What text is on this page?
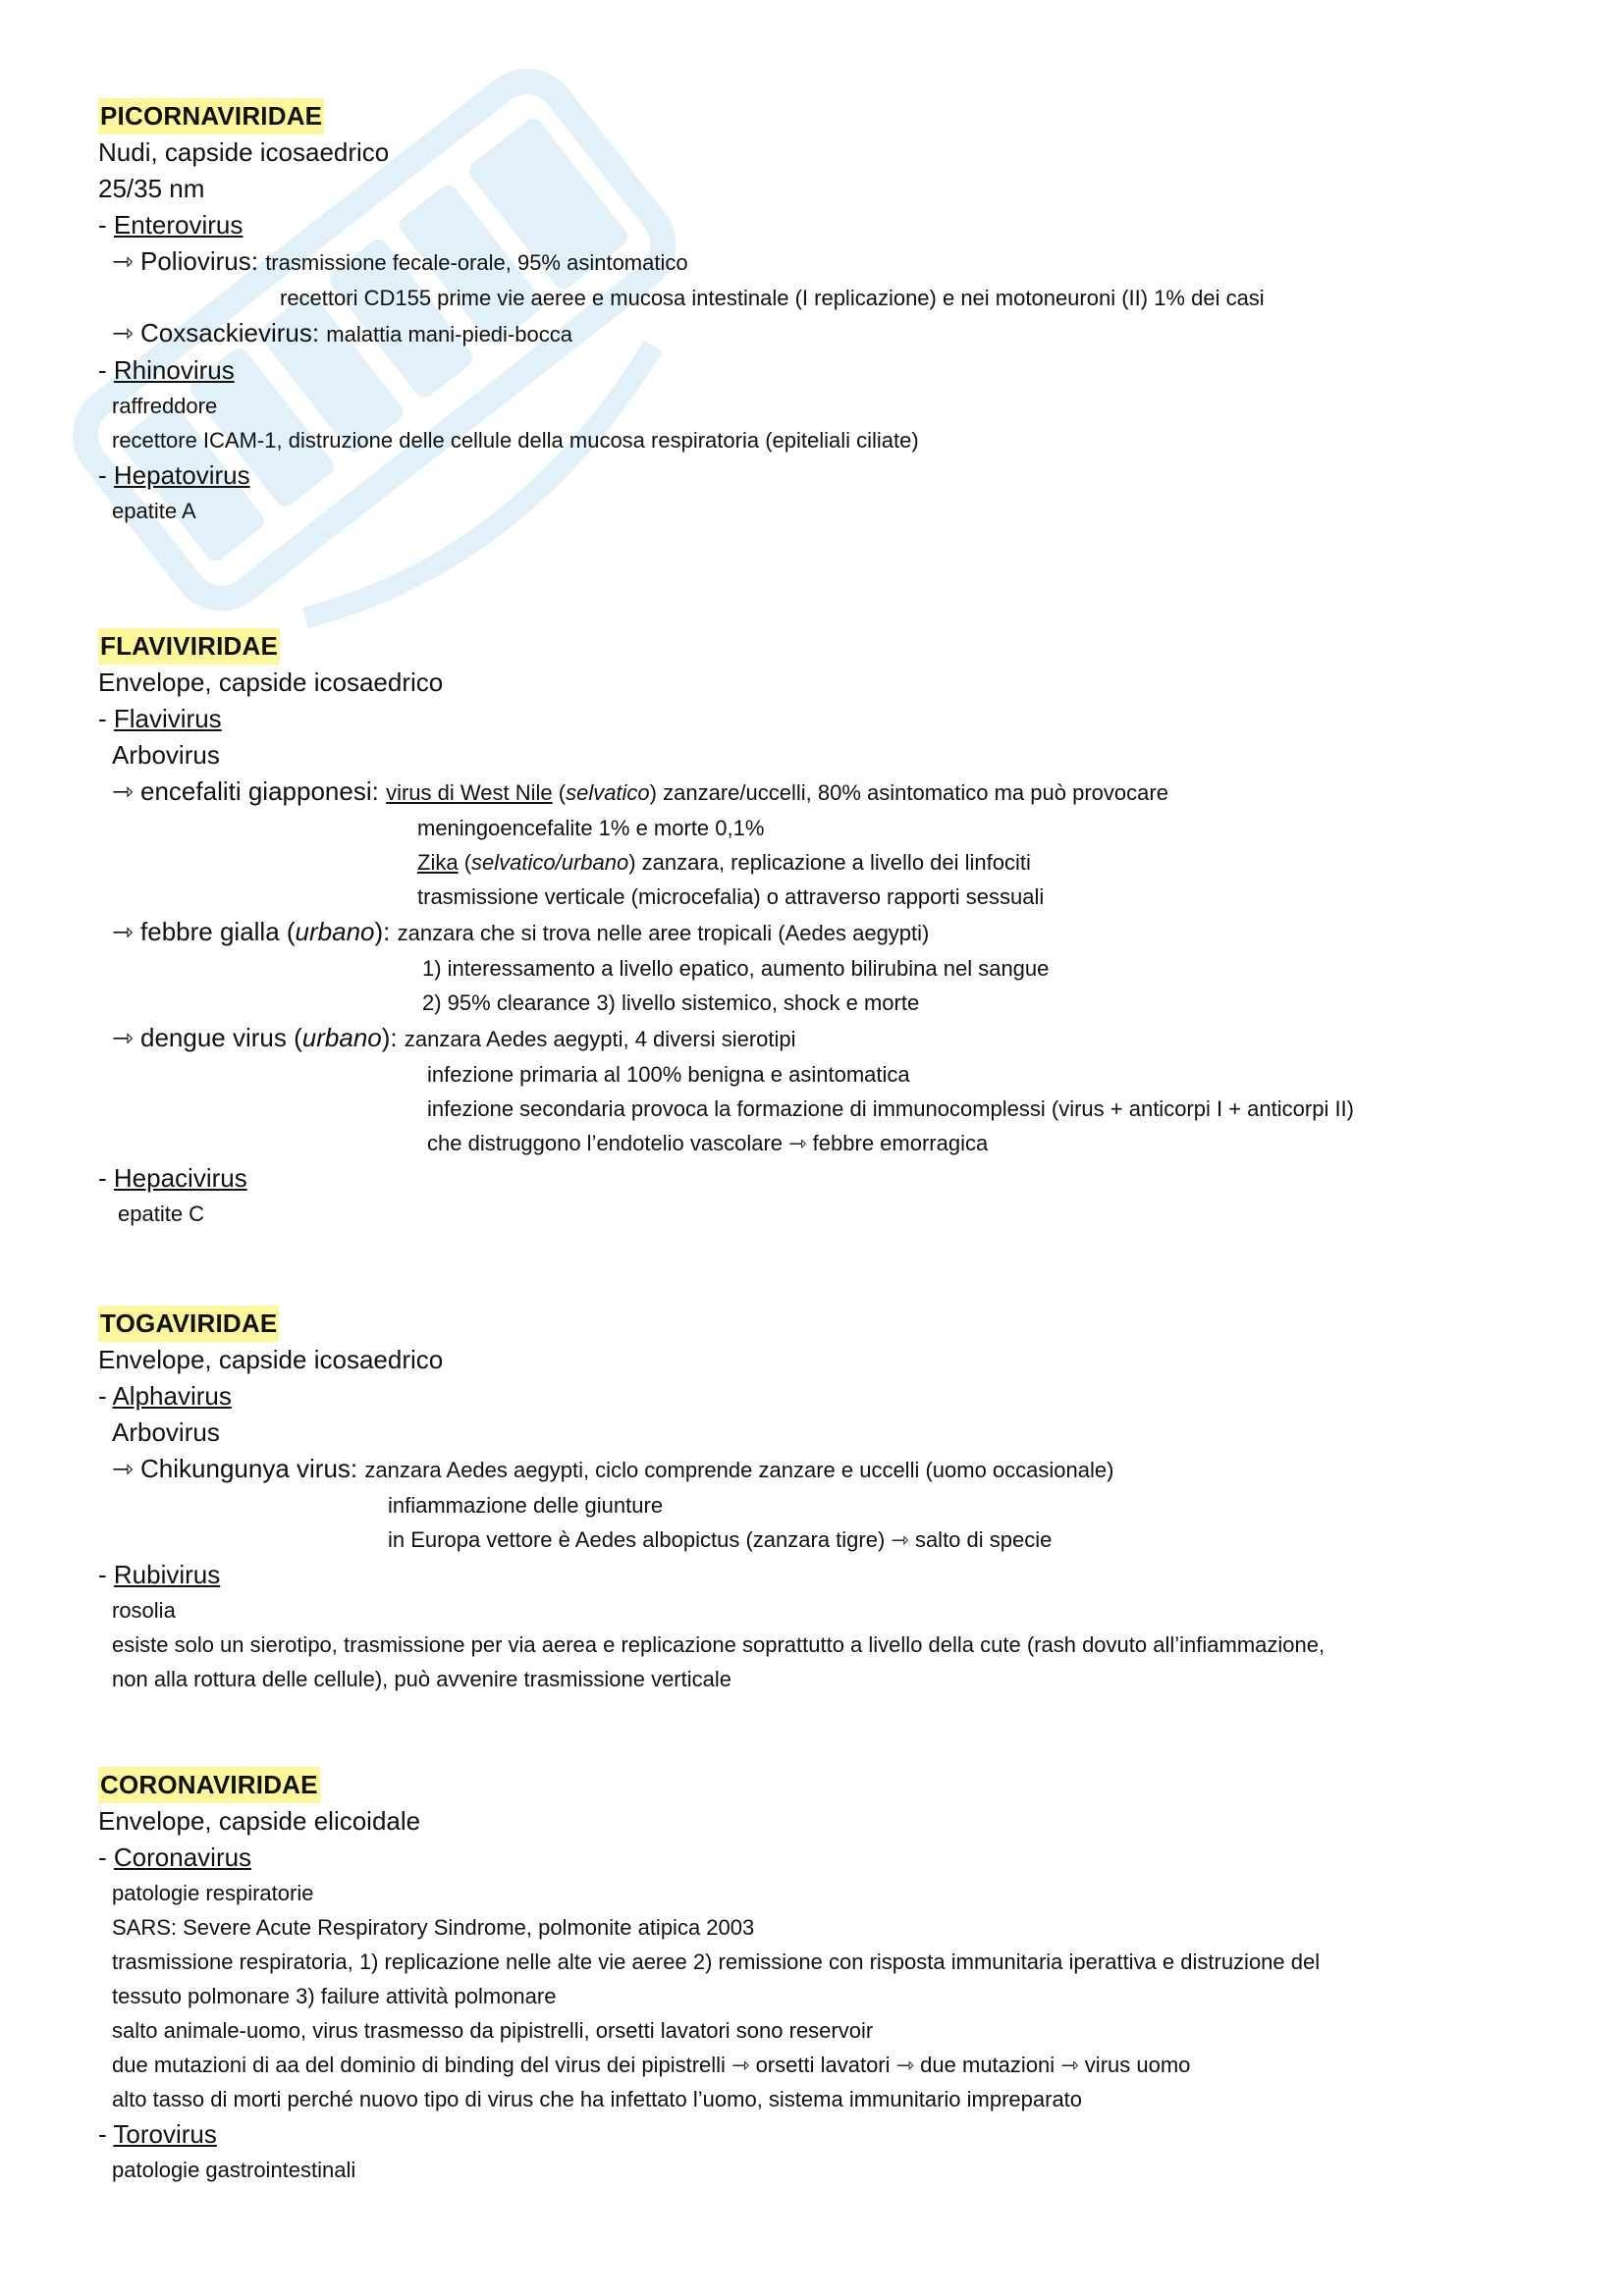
PICORNAVIRIDAE
Nudi, capside icosaedrico
25/35 nm
- Enterovirus
⇾ Poliovirus: trasmissione fecale-orale, 95% asintomatico
recettori CD155 prime vie aeree e mucosa intestinale (I replicazione) e nei motoneuroni (II) 1% dei casi
⇾ Coxsackievirus: malattia mani-piedi-bocca
- Rhinovirus
raffreddore
recettore ICAM-1, distruzione delle cellule della mucosa respiratoria (epiteliali ciliate)
- Hepatovirus
epatite A
FLAVIVIRIDAE
Envelope, capside icosaedrico
- Flavivirus
Arbovirus
⇾ encefaliti giapponesi: virus di West Nile (selvatico) zanzare/uccelli, 80% asintomatico ma può provocare
meningoencefalite 1% e morte 0,1%
Zika (selvatico/urbano) zanzara, replicazione a livello dei linfociti
trasmissione verticale (microcefalia) o attraverso rapporti sessuali
⇾ febbre gialla (urbano): zanzara che si trova nelle aree tropicali (Aedes aegypti)
1) interessamento a livello epatico, aumento bilirubina nel sangue
2) 95% clearance 3) livello sistemico, shock e morte
⇾ dengue virus (urbano): zanzara Aedes aegypti, 4 diversi sierotipi
infezione primaria al 100% benigna e asintomatica
infezione secondaria provoca la formazione di immunocomplessi (virus + anticorpi I + anticorpi II)
che distruggono l’endotelio vascolare ⇾ febbre emorragica
- Hepacivirus
epatite C
TOGAVIRIDAE
Envelope, capside icosaedrico
- Alphavirus
Arbovirus
⇾ Chikungunya virus: zanzara Aedes aegypti, ciclo comprende zanzare e uccelli (uomo occasionale)
infiammazione delle giunture
in Europa vettore è Aedes albopictus (zanzara tigre) ⇾ salto di specie
- Rubivirus
rosolia
esiste solo un sierotipo, trasmissione per via aerea e replicazione soprattutto a livello della cute (rash dovuto all’infiammazione,
non alla rottura delle cellule), può avvenire trasmissione verticale
CORONAVIRIDAE
Envelope, capside elicoidale
- Coronavirus
patologie respiratorie
SARS: Severe Acute Respiratory Sindrome, polmonite atipica 2003
trasmissione respiratoria, 1) replicazione nelle alte vie aeree 2) remissione con risposta immunitaria iperattiva e distruzione del
tessuto polmonare 3) failure attività polmonare
salto animale-uomo, virus trasmesso da pipistrelli, orsetti lavatori sono reservoir
due mutazioni di aa del dominio di binding del virus dei pipistrelli ⇾ orsetti lavatori ⇾ due mutazioni ⇾ virus uomo
alto tasso di morti perché nuovo tipo di virus che ha infettato l’uomo, sistema immunitario impreparato
- Torovirus
patologie gastrointestinali
